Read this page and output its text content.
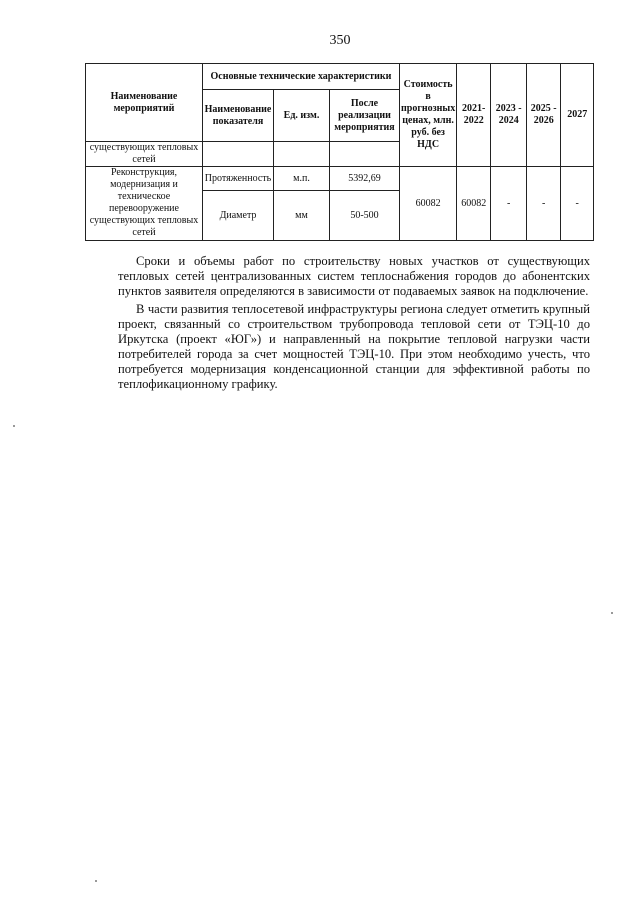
350
Наименование мероприятий	Основные технические характеристики			Стоимость в прогнозных ценах, млн. руб. без НДС	2021-2022	2023 - 2024	2025 - 2026	2027
	Наименование показателя	Ед. изм.	После реализации мероприятия					
существующих тепловых сетей								
Реконструкция, модернизация и техническое перевооружение существующих тепловых сетей	Протяженность	м.п.	5392,69	60082	60082	-	-	-
	Диаметр	мм	50-500					

Сроки и объемы работ по строительству новых участков от существующих тепловых сетей централизованных систем теплоснабжения городов до абонентских пунктов заявителя определяются в зависимости от подаваемых заявок на подключение.

В части развития теплосетевой инфраструктуры региона следует отметить крупный проект, связанный со строительством трубопровода тепловой сети от ТЭЦ-10 до Иркутска (проект «ЮГ») и направленный на покрытие тепловой нагрузки части потребителей города за счет мощностей ТЭЦ-10. При этом необходимо учесть, что потребуется модернизация конденсационной станции для эффективной работы по теплофикационному графику.
